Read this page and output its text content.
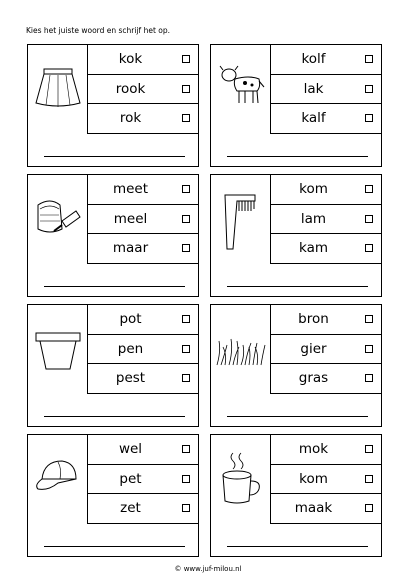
Kies het juiste woord en schrijf het op.
kok
rook
rok
kolf
lak
kalf
meet
meel
maar
kom
lam
kam
pot
pen
pest
bron
gier
gras
wel
pet
zet
mok
kom
maak
© www.juf-milou.nl
